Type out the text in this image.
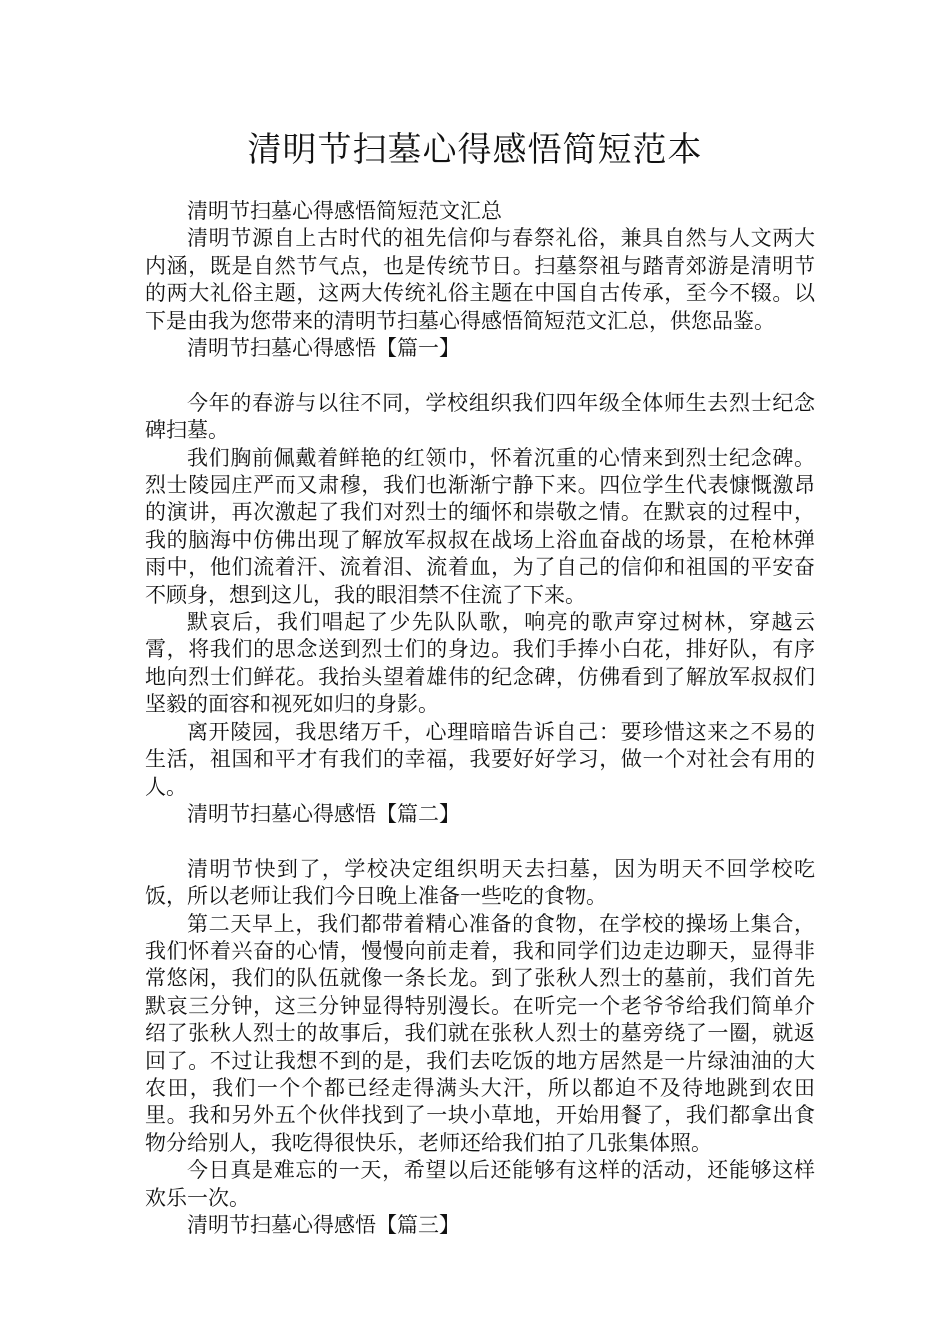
清明节扫墓心得感悟简短范本

清明节扫墓心得感悟简短范文汇总

清明节源自上古时代的祖先信仰与春祭礼俗，兼具自然与人文两大内涵，既是自然节气点，也是传统节日。扫墓祭祖与踏青郊游是清明节的两大礼俗主题，这两大传统礼俗主题在中国自古传承，至今不辍。以下是由我为您带来的清明节扫墓心得感悟简短范文汇总，供您品鉴。

清明节扫墓心得感悟【篇一】

今年的春游与以往不同，学校组织我们四年级全体师生去烈士纪念碑扫墓。

我们胸前佩戴着鲜艳的红领巾，怀着沉重的心情来到烈士纪念碑。烈士陵园庄严而又肃穆，我们也渐渐宁静下来。四位学生代表慷慨激昂的演讲，再次激起了我们对烈士的缅怀和崇敬之情。在默哀的过程中，我的脑海中仿佛出现了解放军叔叔在战场上浴血奋战的场景，在枪林弹雨中，他们流着汗、流着泪、流着血，为了自己的信仰和祖国的平安奋不顾身，想到这儿，我的眼泪禁不住流了下来。

默哀后，我们唱起了少先队队歌，响亮的歌声穿过树林，穿越云霄，将我们的思念送到烈士们的身边。我们手捧小白花，排好队，有序地向烈士们鲜花。我抬头望着雄伟的纪念碑，仿佛看到了解放军叔叔们坚毅的面容和视死如归的身影。

离开陵园，我思绪万千，心理暗暗告诉自己：要珍惜这来之不易的生活，祖国和平才有我们的幸福，我要好好学习，做一个对社会有用的人。

清明节扫墓心得感悟【篇二】

清明节快到了，学校决定组织明天去扫墓，因为明天不回学校吃饭，所以老师让我们今日晚上准备一些吃的食物。

第二天早上，我们都带着精心准备的食物，在学校的操场上集合，我们怀着兴奋的心情，慢慢向前走着，我和同学们边走边聊天，显得非常悠闲，我们的队伍就像一条长龙。到了张秋人烈士的墓前，我们首先默哀三分钟，这三分钟显得特别漫长。在听完一个老爷爷给我们简单介绍了张秋人烈士的故事后，我们就在张秋人烈士的墓旁绕了一圈，就返回了。不过让我想不到的是，我们去吃饭的地方居然是一片绿油油的大农田，我们一个个都已经走得满头大汗，所以都迫不及待地跳到农田里。我和另外五个伙伴找到了一块小草地，开始用餐了，我们都拿出食物分给别人，我吃得很快乐，老师还给我们拍了几张集体照。

今日真是难忘的一天，希望以后还能够有这样的活动，还能够这样欢乐一次。

清明节扫墓心得感悟【篇三】
